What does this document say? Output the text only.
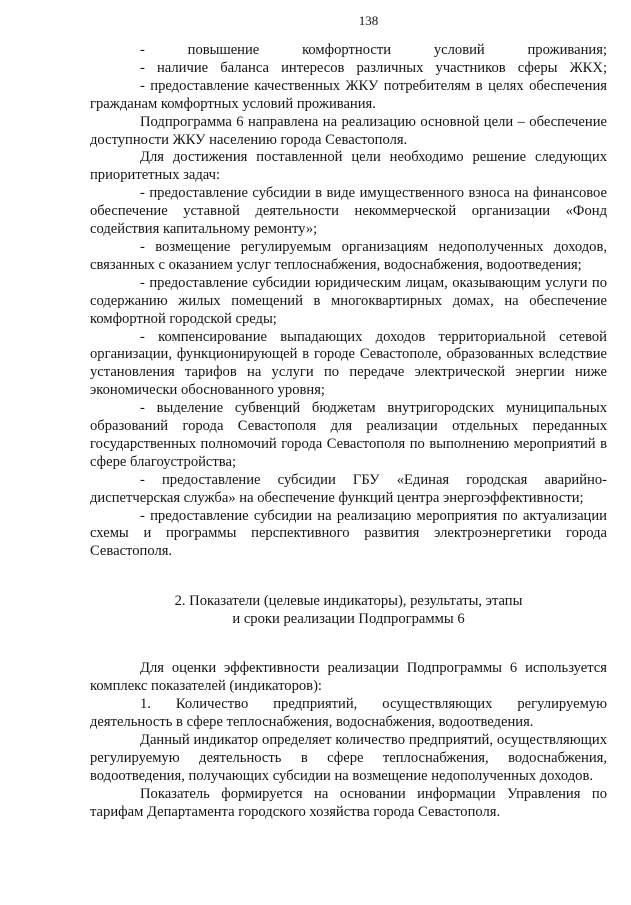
138

- повышение комфортности условий проживания;

- наличие баланса интересов различных участников сферы ЖКХ;

- предоставление качественных ЖКУ потребителям в целях обеспечения гражданам комфортных условий проживания.

Подпрограмма 6 направлена на реализацию основной цели – обеспечение доступности ЖКУ населению города Севастополя.

Для достижения поставленной цели необходимо решение следующих приоритетных задач:

- предоставление субсидии в виде имущественного взноса на финансовое обеспечение уставной деятельности некоммерческой организации «Фонд содействия капитальному ремонту»;

- возмещение регулируемым организациям недополученных доходов, связанных с оказанием услуг теплоснабжения, водоснабжения, водоотведения;

- предоставление субсидии юридическим лицам, оказывающим услуги по содержанию жилых помещений в многоквартирных домах, на обеспечение комфортной городской среды;

- компенсирование выпадающих доходов территориальной сетевой организации, функционирующей в городе Севастополе, образованных вследствие установления тарифов на услуги по передаче электрической энергии ниже экономически обоснованного уровня;

- выделение субвенций бюджетам внутригородских муниципальных образований города Севастополя для реализации отдельных переданных государственных полномочий города Севастополя по выполнению мероприятий в сфере благоустройства;

- предоставление субсидии ГБУ «Единая городская аварийно-диспетчерская служба» на обеспечение функций центра энергоэффективности;

- предоставление субсидии на реализацию мероприятия по актуализации схемы и программы перспективного развития электроэнергетики города Севастополя.

2. Показатели (целевые индикаторы), результаты, этапы
и сроки реализации Подпрограммы 6

Для оценки эффективности реализации Подпрограммы 6 используется комплекс показателей (индикаторов):

1. Количество предприятий, осуществляющих регулируемую деятельность в сфере теплоснабжения, водоснабжения, водоотведения.

Данный индикатор определяет количество предприятий, осуществляющих регулируемую деятельность в сфере теплоснабжения, водоснабжения, водоотведения, получающих субсидии на возмещение недополученных доходов.

Показатель формируется на основании информации Управления по тарифам Департамента городского хозяйства города Севастополя.
